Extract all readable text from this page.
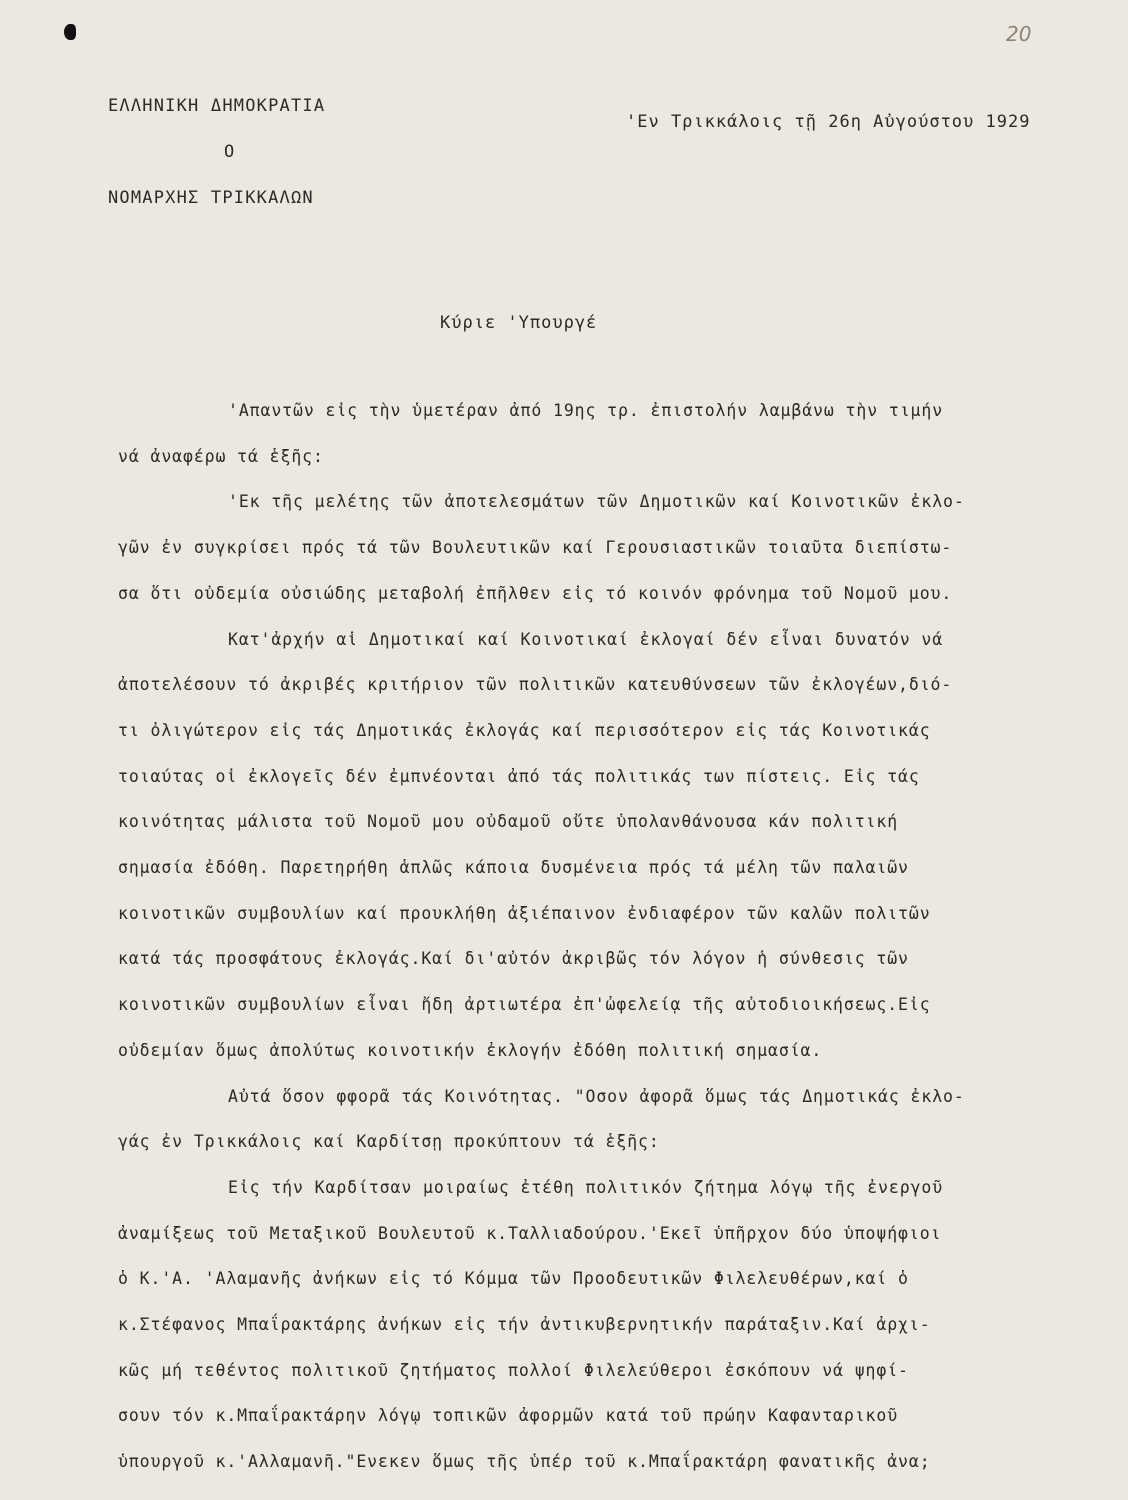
20
ΕΛΛΗΝΙΚΗ ΔΗΜΟΚΡΑΤΙΑ
Ο
ΝΟΜΑΡΧΗΣ ΤΡΙΚΚΑΛΩΝ
'Εν Τρικκάλοις τῇ 26η Αὐγούστου 1929
Κύριε 'Υπουργέ
'Απαντῶν εἰς τὴν ὑμετέραν ἀπό 19ης τρ. ἐπιστολήν λαμβάνω τὴν τιμήν
νά ἀναφέρω τά ἑξῆς:
'Εκ τῆς μελέτης τῶν ἀποτελεσμάτων τῶν Δημοτικῶν καί Κοινοτικῶν ἐκλο-
γῶν ἐν συγκρίσει πρός τά τῶν Βουλευτικῶν καί Γερουσιαστικῶν τοιαῦτα διεπίστω-
σα ὅτι οὐδεμία οὐσιώδης μεταβολή ἐπῆλθεν εἰς τό κοινόν φρόνημα τοῦ Νομοῦ μου.
Κατ'ἀρχήν αἱ Δημοτικαί καί Κοινοτικαί ἐκλογαί δέν εἶναι δυνατόν νά
ἀποτελέσουν τό ἀκριβές κριτήριον τῶν πολιτικῶν κατευθύνσεων τῶν ἐκλογέων,διό-
τι ὀλιγώτερον εἰς τάς Δημοτικάς ἐκλογάς καί περισσότερον εἰς τάς Κοινοτικάς
τοιαύτας οἱ ἐκλογεῖς δέν ἐμπνέονται ἀπό τάς πολιτικάς των πίστεις. Εἰς τάς
κοινότητας μάλιστα τοῦ Νομοῦ μου οὐδαμοῦ οὔτε ὑπολανθάνουσα κάν πολιτική
σημασία ἐδόθη. Παρετηρήθη ἁπλῶς κάποια δυσμένεια πρός τά μέλη τῶν παλαιῶν
κοινοτικῶν συμβουλίων καί προυκλήθη ἀξιέπαινον ἐνδιαφέρον τῶν καλῶν πολιτῶν
κατά τάς προσφάτους ἐκλογάς.Καί δι'αὐτόν ἀκριβῶς τόν λόγον ἡ σύνθεσις τῶν
κοινοτικῶν συμβουλίων εἶναι ἤδη ἀρτιωτέρα ἐπ'ὠφελείᾳ τῆς αὐτοδιοικήσεως.Εἰς
οὐδεμίαν ὅμως ἀπολύτως κοινοτικήν ἐκλογήν ἐδόθη πολιτική σημασία.
Αὐτά ὅσον φφορᾶ τάς Κοινότητας. "Οσον ἀφορᾶ ὅμως τάς Δημοτικάς ἐκλο-
γάς ἐν Τρικκάλοις καί Καρδίτσῃ προκύπτουν τά ἑξῆς:
Εἰς τήν Καρδίτσαν μοιραίως ἐτέθη πολιτικόν ζήτημα λόγῳ τῆς ἐνεργοῦ
ἀναμίξεως τοῦ Μεταξικοῦ Βουλευτοῦ κ.Ταλλιαδούρου.'Εκεῖ ὑπῆρχον δύο ὑποψήφιοι
ὁ Κ.'Α. 'Αλαμανῆς ἀνήκων εἰς τό Κόμμα τῶν Προοδευτικῶν Φιλελευθέρων,καί ὁ
κ.Στέφανος Μπαΐρακτάρης ἀνήκων εἰς τήν ἀντικυβερνητικήν παράταξιν.Καί ἀρχι-
κῶς μή τεθέντος πολιτικοῦ ζητήματος πολλοί Φιλελεύθεροι ἐσκόπουν νά ψηφί-
σουν τόν κ.Μπαΐρακτάρην λόγῳ τοπικῶν ἀφορμῶν κατά τοῦ πρώην Καφανταρικοῦ
ὑπουργοῦ κ.'Αλλαμανῆ."Ενεκεν ὅμως τῆς ὑπέρ τοῦ κ.Μπαΐρακτάρη φανατικῆς ἀνα;
